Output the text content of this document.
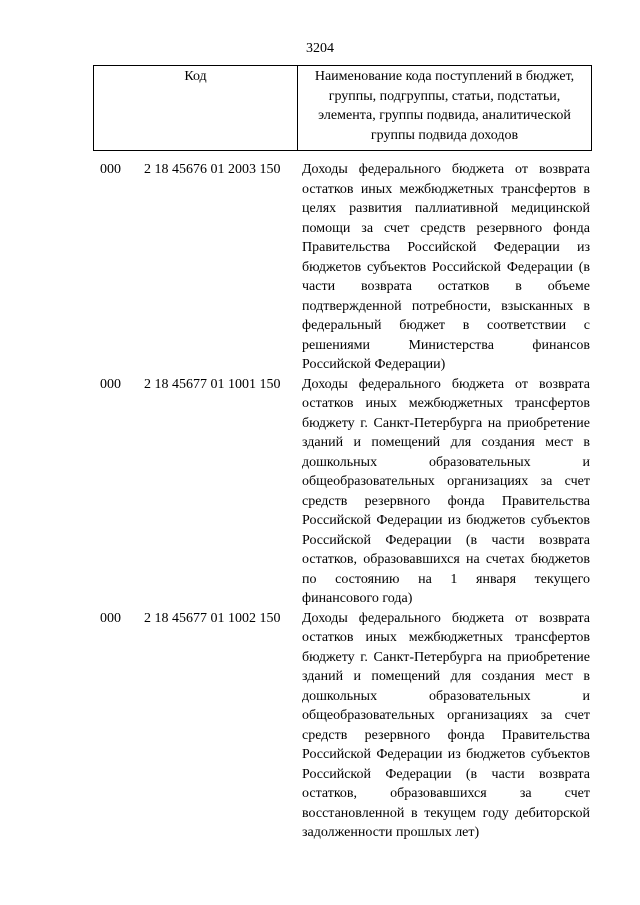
3204
Код	Наименование кода поступлений в бюджет, группы, подгруппы, статьи, подстатьи, элемента, группы подвида, аналитической группы подвида доходов
000	2 18 45676 01 2003 150	Доходы федерального бюджета от возврата остатков иных межбюджетных трансфертов в целях развития паллиативной медицинской помощи за счет средств резервного фонда Правительства Российской Федерации из бюджетов субъектов Российской Федерации (в части возврата остатков в объеме подтвержденной потребности, взысканных в федеральный бюджет в соответствии с решениями Министерства финансов Российской Федерации)
000	2 18 45677 01 1001 150	Доходы федерального бюджета от возврата остатков иных межбюджетных трансфертов бюджету г. Санкт-Петербурга на приобретение зданий и помещений для создания мест в дошкольных образовательных и общеобразовательных организациях за счет средств резервного фонда Правительства Российской Федерации из бюджетов субъектов Российской Федерации (в части возврата остатков, образовавшихся на счетах бюджетов по состоянию на 1 января текущего финансового года)
000	2 18 45677 01 1002 150	Доходы федерального бюджета от возврата остатков иных межбюджетных трансфертов бюджету г. Санкт-Петербурга на приобретение зданий и помещений для создания мест в дошкольных образовательных и общеобразовательных организациях за счет средств резервного фонда Правительства Российской Федерации из бюджетов субъектов Российской Федерации (в части возврата остатков, образовавшихся за счет восстановленной в текущем году дебиторской задолженности прошлых лет)
